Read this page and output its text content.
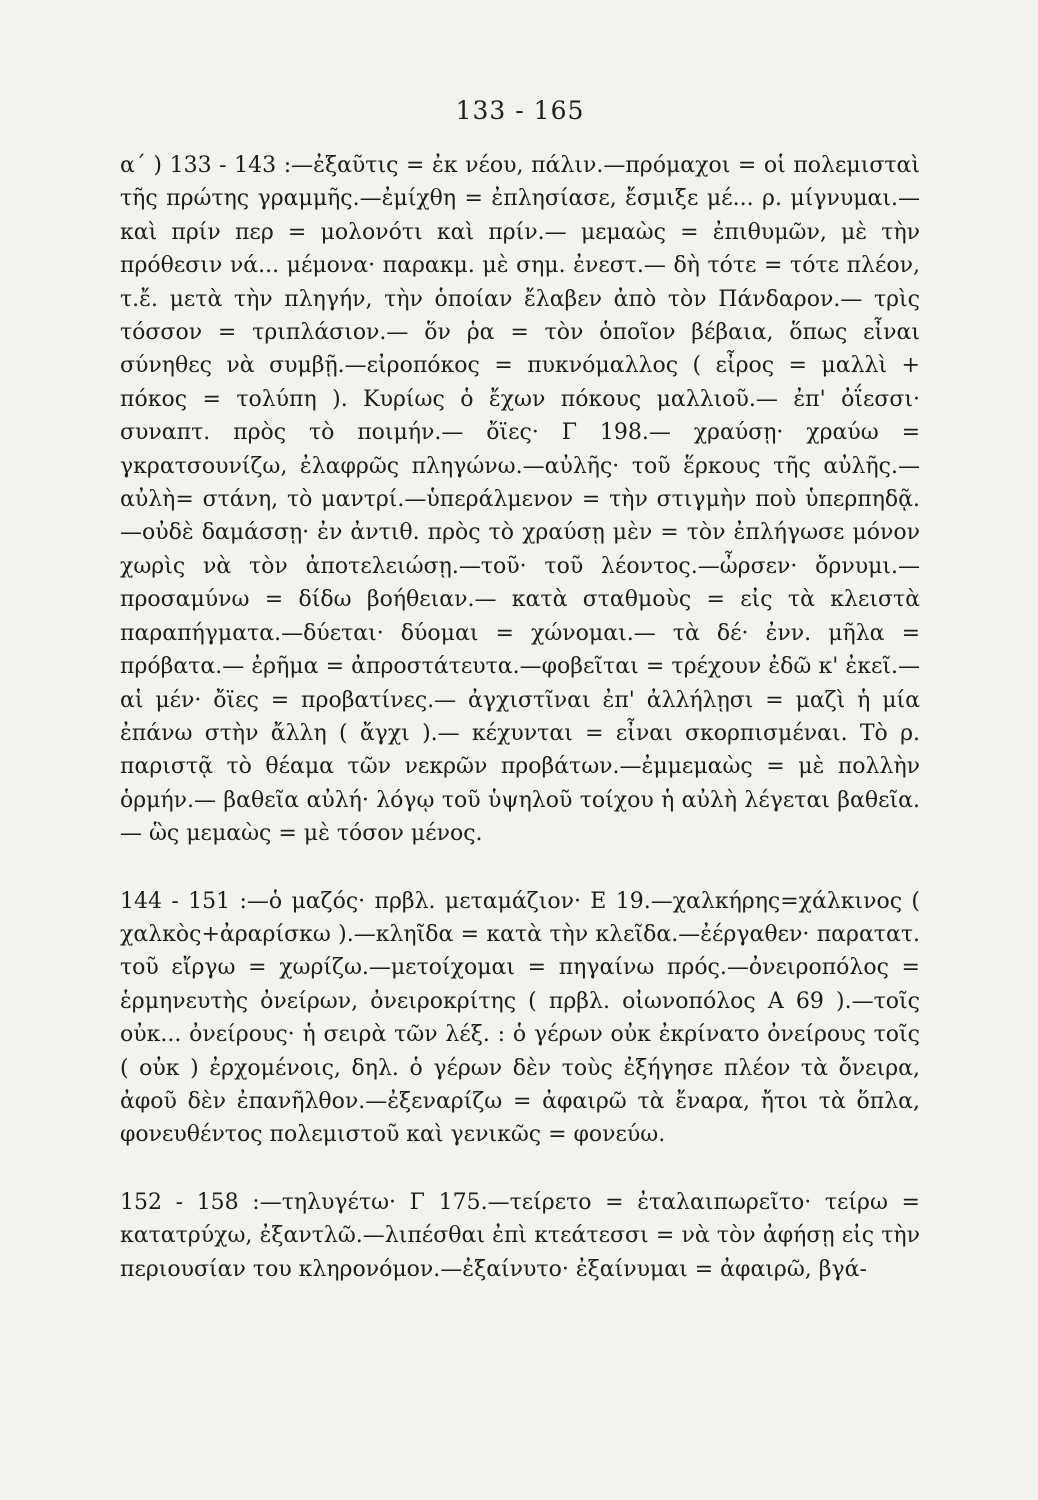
133 - 165
α΄ ) 133 - 143 :—ἐξαῦτις = ἐκ νέου, πάλιν.—πρόμαχοι = οἱ πολεμισταὶ τῆς πρώτης γραμμῆς.—ἐμίχθη = ἐπλησίασε, ἔσμιξε μέ... ρ. μίγνυμαι.—καὶ πρίν περ = μολονότι καὶ πρίν.— μεμαὼς = ἐπιθυμῶν, μὲ τὴν πρόθεσιν νά... μέμονα· παρακμ. μὲ σημ. ἐνεστ.— δὴ τότε = τότε πλέον, τ.ἔ. μετὰ τὴν πληγήν, τὴν ὁποίαν ἔλαβεν ἀπὸ τὸν Πάνδαρον.— τρὶς τόσσον = τριπλάσιον.— ὅν ῥα = τὸν ὁποῖον βέβαια, ὅπως εἶναι σύνηθες νὰ συμβῇ.—εἰροπόκος = πυκνόμαλλος ( εἶρος = μαλλὶ + πόκος = τολύπη ). Κυρίως ὁ ἔχων πόκους μαλλιοῦ.— ἐπ' ὀΐεσσι· συναπτ. πρὸς τὸ ποιμήν.— ὄϊες· Γ 198.— χραύσῃ· χραύω = γκρατσουνίζω, ἐλαφρῶς πληγώνω.—αὐλῆς· τοῦ ἕρκους τῆς αὐλῆς.—αὐλὴ= στάνη, τὸ μαντρί.—ὑπεράλμενον = τὴν στιγμὴν ποὺ ὑπερπηδᾷ.—οὐδὲ δαμάσσῃ· ἐν ἀντιθ. πρὸς τὸ χραύσῃ μὲν = τὸν ἐπλήγωσε μόνον χωρὶς νὰ τὸν ἀποτελειώσῃ.—τοῦ· τοῦ λέοντος.—ὦρσεν· ὄρνυμι.—προσαμύνω = δίδω βοήθειαν.— κατὰ σταθμοὺς = εἰς τὰ κλειστὰ παραπήγματα.—δύεται· δύομαι = χώνομαι.— τὰ δέ· ἐνν. μῆλα = πρόβατα.— ἐρῆμα = ἀπροστάτευτα.—φοβεῖται = τρέχουν ἐδῶ κ' ἐκεῖ.— αἱ μέν· ὄϊες = προβατίνες.— ἀγχιστῖναι ἐπ' ἀλλήλῃσι = μαζὶ ἡ μία ἐπάνω στὴν ἄλλη ( ἄγχι ).— κέχυνται = εἶναι σκορπισμέναι. Τὸ ρ. παριστᾷ τὸ θέαμα τῶν νεκρῶν προβάτων.—ἐμμεμαὼς = μὲ πολλὴν ὁρμήν.— βαθεῖα αὐλή· λόγῳ τοῦ ὑψηλοῦ τοίχου ἡ αὐλὴ λέγεται βαθεῖα.— ὣς μεμαὼς = μὲ τόσον μένος.
144 - 151 :—ὁ μαζός· πρβλ. μεταμάζιον· Ε 19.—χαλκήρης=χάλκινος ( χαλκὸς+ἀραρίσκω ).—κληῖδα = κατὰ τὴν κλεῖδα.—ἐέργαθεν· παρατατ. τοῦ εἴργω = χωρίζω.—μετοίχομαι = πηγαίνω πρός.—ὀνειροπόλος = ἑρμηνευτὴς ὀνείρων, ὀνειροκρίτης ( πρβλ. οἰωνοπόλος Α 69 ).—τοῖς οὐκ... ὀνείρους· ἡ σειρὰ τῶν λέξ. : ὁ γέρων οὐκ ἐκρίνατο ὀνείρους τοῖς ( οὐκ ) ἐρχομένοις, δηλ. ὁ γέρων δὲν τοὺς ἐξήγησε πλέον τὰ ὄνειρα, ἀφοῦ δὲν ἐπανῆλθον.—ἐξεναρίζω = ἀφαιρῶ τὰ ἔναρα, ἤτοι τὰ ὅπλα, φονευθέντος πολεμιστοῦ καὶ γενικῶς = φονεύω.
152 - 158 :—τηλυγέτω· Γ 175.—τείρετο = ἐταλαιπωρεῖτο· τείρω = κατατρύχω, ἐξαντλῶ.—λιπέσθαι ἐπὶ κτεάτεσσι = νὰ τὸν ἀφήσῃ εἰς τὴν περιουσίαν του κληρονόμον.—ἐξαίνυτο· ἐξαίνυμαι = ἀφαιρῶ, βγά-
